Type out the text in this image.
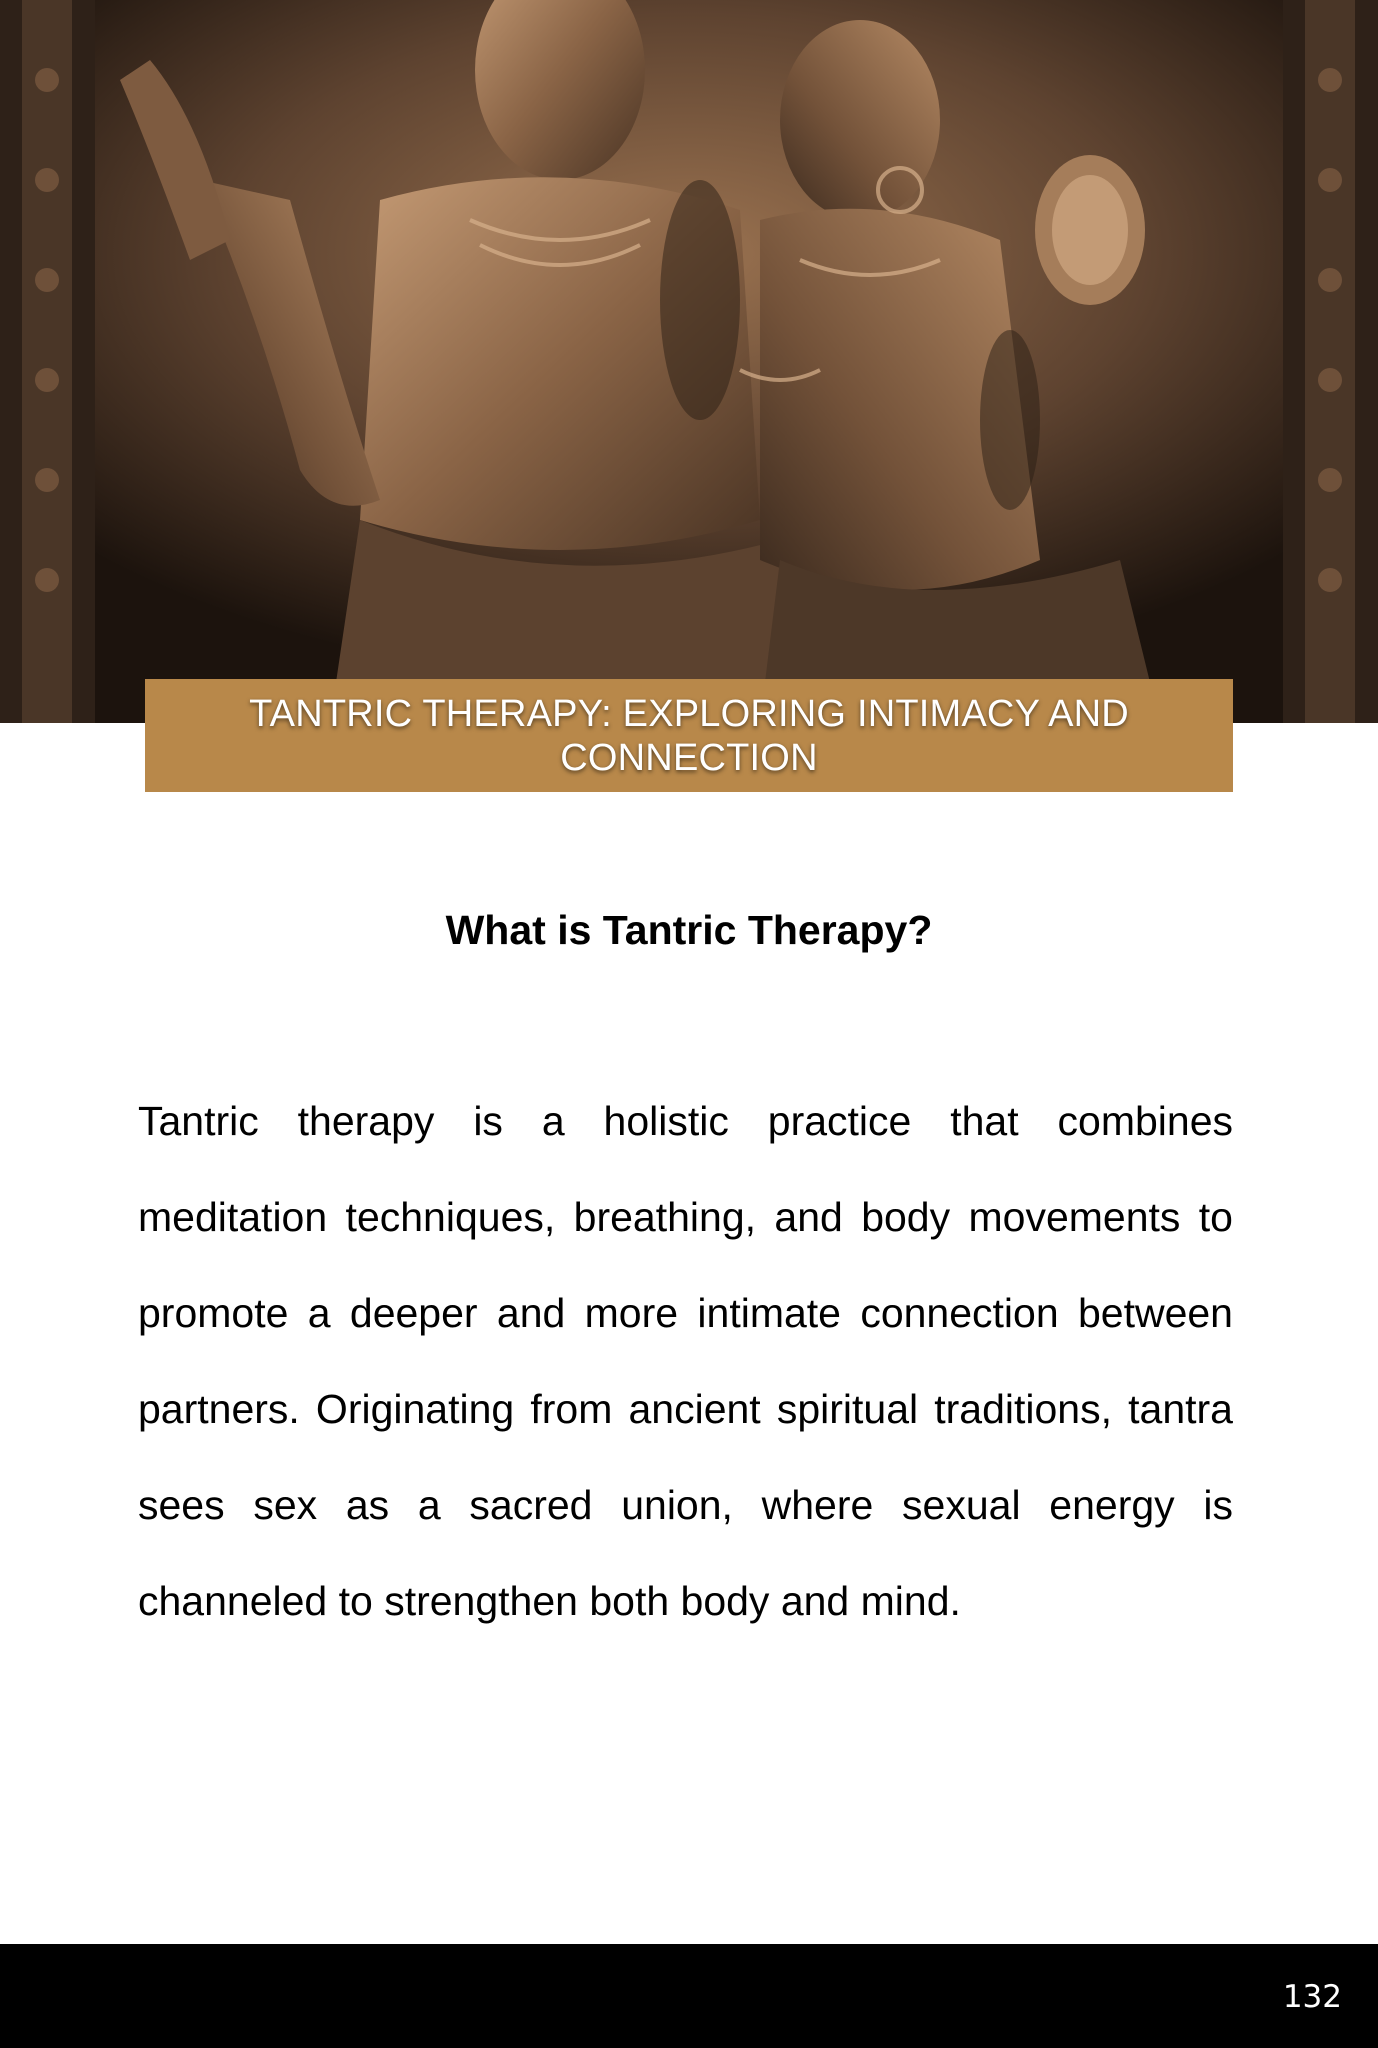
TANTRIC THERAPY: EXPLORING INTIMACY AND CONNECTION
What is Tantric Therapy?

Tantric therapy is a holistic practice that combines meditation techniques, breathing, and body movements to promote a deeper and more intimate connection between partners. Originating from ancient spiritual traditions, tantra sees sex as a sacred union, where sexual energy is channeled to strengthen both body and mind.

132
